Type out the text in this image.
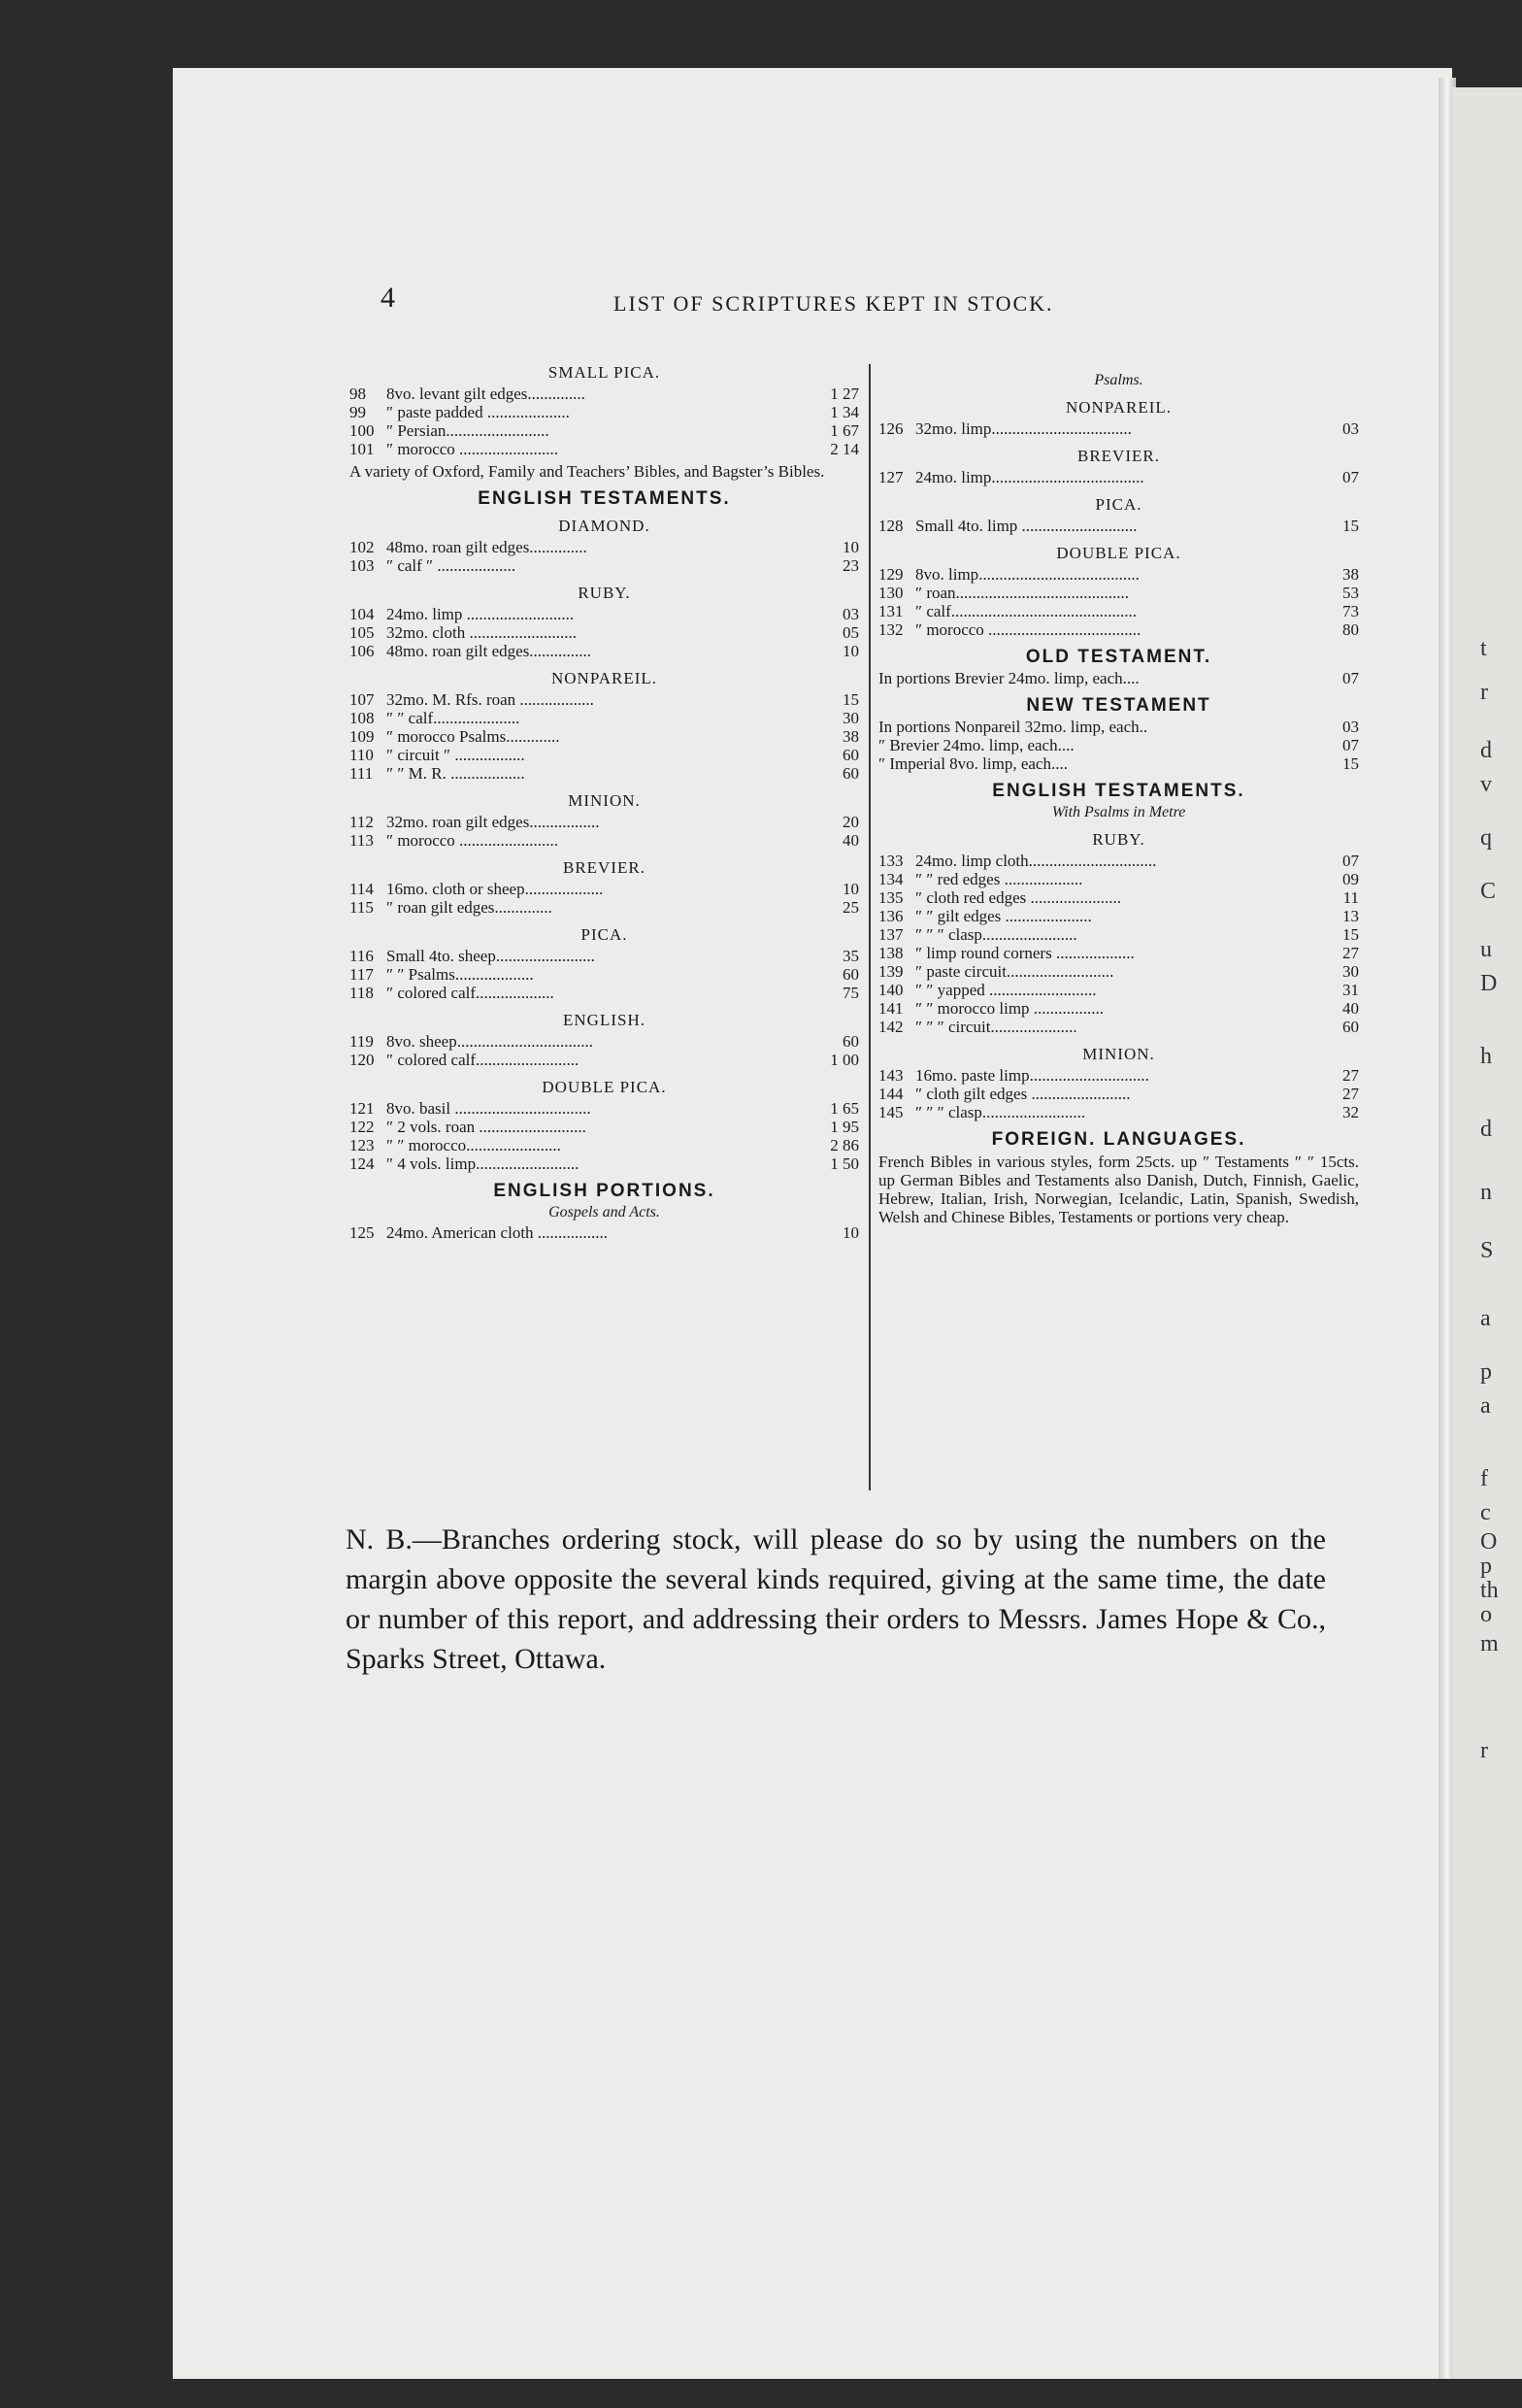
4	LIST OF SCRIPTURES KEPT IN STOCK.
SMALL PICA.
98	8vo. levant gilt edges..............	1 27
99	″ paste padded ....................	1 34
100 ″ Persian.........................	1 67
101 ″ morocco ........................	2 14
A variety of Oxford, Family and Teachers’ Bibles, and Bagster’s Bibles.
ENGLISH TESTAMENTS.
DIAMOND.
102 48mo. roan gilt edges..............	10
103 ″ calf ″ ...................	23
RUBY.
104 24mo. limp ..........................	03
105 32mo. cloth ..........................	05
106 48mo. roan gilt edges...............	10
NONPAREIL.
107 32mo. M. Rfs. roan ..................	15
108 ″ ″ calf.....................	30
109 ″ morocco Psalms.............	38
110 ″ circuit ″ .................	60
111 ″ ″ M. R. ..................	60
MINION.
112 32mo. roan gilt edges.................	20
113 ″ morocco ........................	40
BREVIER.
114 16mo. cloth or sheep...................	10
115 ″ roan gilt edges..............	25
PICA.
116 Small 4to. sheep........................	35
117 ″ ″ Psalms...................	60
118 ″ colored calf...................	75
ENGLISH.
119 8vo. sheep.................................	60
120 ″ colored calf.........................	1 00
DOUBLE PICA.
121 8vo. basil .................................	1 65
122 ″ 2 vols. roan ..........................	1 95
123 ″ ″ morocco.......................	2 86
124 ″ 4 vols. limp.........................	1 50
ENGLISH PORTIONS.
Gospels and Acts.
125 24mo. American cloth .................	10
Psalms.
NONPAREIL.
126 32mo. limp..................................	03
BREVIER.
127 24mo. limp.....................................	07
PICA.
128 Small 4to. limp ............................	15
DOUBLE PICA.
129 8vo. limp.......................................	38
130 ″ roan..........................................	53
131 ″ calf.............................................	73
132 ″ morocco .....................................	80
OLD TESTAMENT.
In portions Brevier 24mo. limp, each....	07
NEW TESTAMENT
In portions Nonpareil 32mo. limp, each..	03
″ Brevier 24mo. limp, each....	07
″ Imperial 8vo. limp, each....	15
ENGLISH TESTAMENTS.
With Psalms in Metre
RUBY.
133 24mo. limp cloth...............................	07
134 ″ ″ red edges ...................	09
135 ″ cloth red edges ......................	11
136 ″ ″ gilt edges .....................	13
137 ″ ″ ″ clasp.......................	15
138 ″ limp round corners ...................	27
139 ″ paste circuit..........................	30
140 ″ ″ yapped ..........................	31
141 ″ ″ morocco limp .................	40
142 ″ ″ ″ circuit.....................	60
MINION.
143 16mo. paste limp.............................	27
144 ″ cloth gilt edges ........................	27
145 ″ ″ ″ clasp.........................	32
FOREIGN. LANGUAGES.
French Bibles in various styles, form 25cts. up ″ Testaments ″ ″ 15cts. up German Bibles and Testaments also Danish, Dutch, Finnish, Gaelic, Hebrew, Italian, Irish, Norwegian, Icelandic, Latin, Spanish, Swedish, Welsh and Chinese Bibles, Testaments or portions very cheap.
N. B.—Branches ordering stock, will please do so by using the numbers on the margin above opposite the several kinds required, giving at the same time, the date or number of this report, and addressing their orders to Messrs. James Hope & Co., Sparks Street, Ottawa.
t
r
d
v
q
C
u
D
h
d
n
S
a
p
a
f
c
O
p
th
o
m
r
